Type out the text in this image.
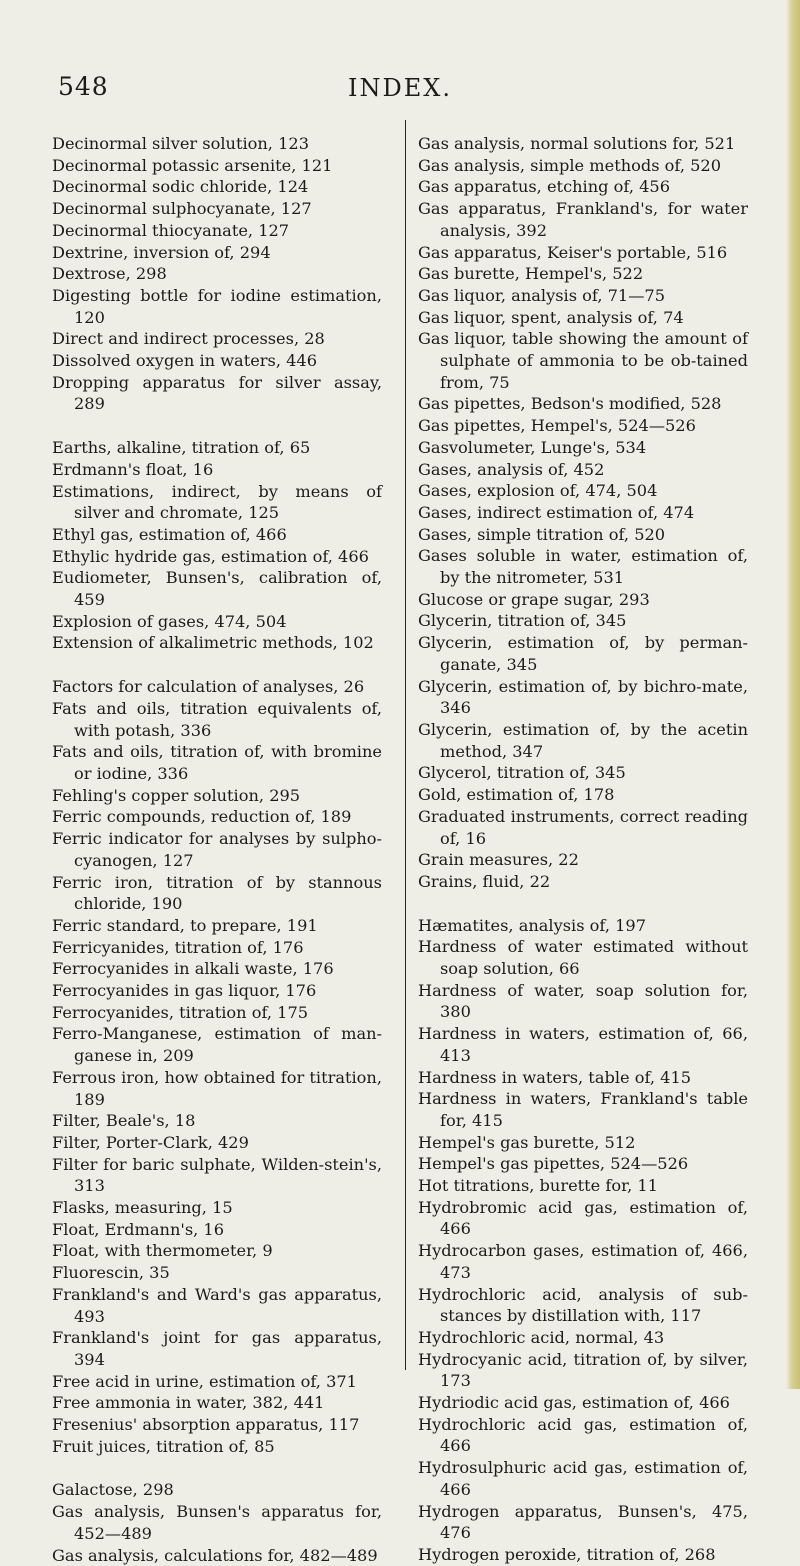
548	INDEX.

Decinormal silver solution, 123

Decinormal potassic arsenite, 121

Decinormal sodic chloride, 124

Decinormal sulphocyanate, 127

Decinormal thiocyanate, 127

Dextrine, inversion of, 294

Dextrose, 298

Digesting bottle for iodine estimation, 120

Direct and indirect processes, 28

Dissolved oxygen in waters, 446

Dropping apparatus for silver assay, 289

Earths, alkaline, titration of, 65

Erdmann's float, 16

Estimations, indirect, by means of silver and chromate, 125

Ethyl gas, estimation of, 466

Ethylic hydride gas, estimation of, 466

Eudiometer, Bunsen's, calibration of, 459

Explosion of gases, 474, 504

Extension of alkalimetric methods, 102

Factors for calculation of analyses, 26

Fats and oils, titration equivalents of, with potash, 336

Fats and oils, titration of, with bromine or iodine, 336

Fehling's copper solution, 295

Ferric compounds, reduction of, 189

Ferric indicator for analyses by sulpho-cyanogen, 127

Ferric iron, titration of by stannous chloride, 190

Ferric standard, to prepare, 191

Ferricyanides, titration of, 176

Ferrocyanides in alkali waste, 176

Ferrocyanides in gas liquor, 176

Ferrocyanides, titration of, 175

Ferro-Manganese, estimation of man-ganese in, 209

Ferrous iron, how obtained for titration, 189

Filter, Beale's, 18

Filter, Porter-Clark, 429

Filter for baric sulphate, Wilden-stein's, 313

Flasks, measuring, 15

Float, Erdmann's, 16

Float, with thermometer, 9

Fluorescin, 35

Frankland's and Ward's gas apparatus, 493

Frankland's joint for gas apparatus, 394

Free acid in urine, estimation of, 371

Free ammonia in water, 382, 441

Fresenius' absorption apparatus, 117

Fruit juices, titration of, 85

Galactose, 298

Gas analysis, Bunsen's apparatus for, 452—489

Gas analysis, calculations for, 482—489

Gas analysis, normal solutions for, 521

Gas analysis, simple methods of, 520

Gas apparatus, etching of, 456

Gas apparatus, Frankland's, for water analysis, 392

Gas apparatus, Keiser's portable, 516

Gas burette, Hempel's, 522

Gas liquor, analysis of, 71—75

Gas liquor, spent, analysis of, 74

Gas liquor, table showing the amount of sulphate of ammonia to be ob-tained from, 75

Gas pipettes, Bedson's modified, 528

Gas pipettes, Hempel's, 524—526

Gasvolumeter, Lunge's, 534

Gases, analysis of, 452

Gases, explosion of, 474, 504

Gases, indirect estimation of, 474

Gases, simple titration of, 520

Gases soluble in water, estimation of, by the nitrometer, 531

Glucose or grape sugar, 293

Glycerin, titration of, 345

Glycerin, estimation of, by perman-ganate, 345

Glycerin, estimation of, by bichro-mate, 346

Glycerin, estimation of, by the acetin method, 347

Glycerol, titration of, 345

Gold, estimation of, 178

Graduated instruments, correct reading of, 16

Grain measures, 22

Grains, fluid, 22

Hæmatites, analysis of, 197

Hardness of water estimated without soap solution, 66

Hardness of water, soap solution for, 380

Hardness in waters, estimation of, 66, 413

Hardness in waters, table of, 415

Hardness in waters, Frankland's table for, 415

Hempel's gas burette, 512

Hempel's gas pipettes, 524—526

Hot titrations, burette for, 11

Hydrobromic acid gas, estimation of, 466

Hydrocarbon gases, estimation of, 466, 473

Hydrochloric acid, analysis of sub-stances by distillation with, 117

Hydrochloric acid, normal, 43

Hydrocyanic acid, titration of, by silver, 173

Hydriodic acid gas, estimation of, 466

Hydrochloric acid gas, estimation of, 466

Hydrosulphuric acid gas, estimation of, 466

Hydrogen apparatus, Bunsen's, 475, 476

Hydrogen peroxide, titration of, 268
